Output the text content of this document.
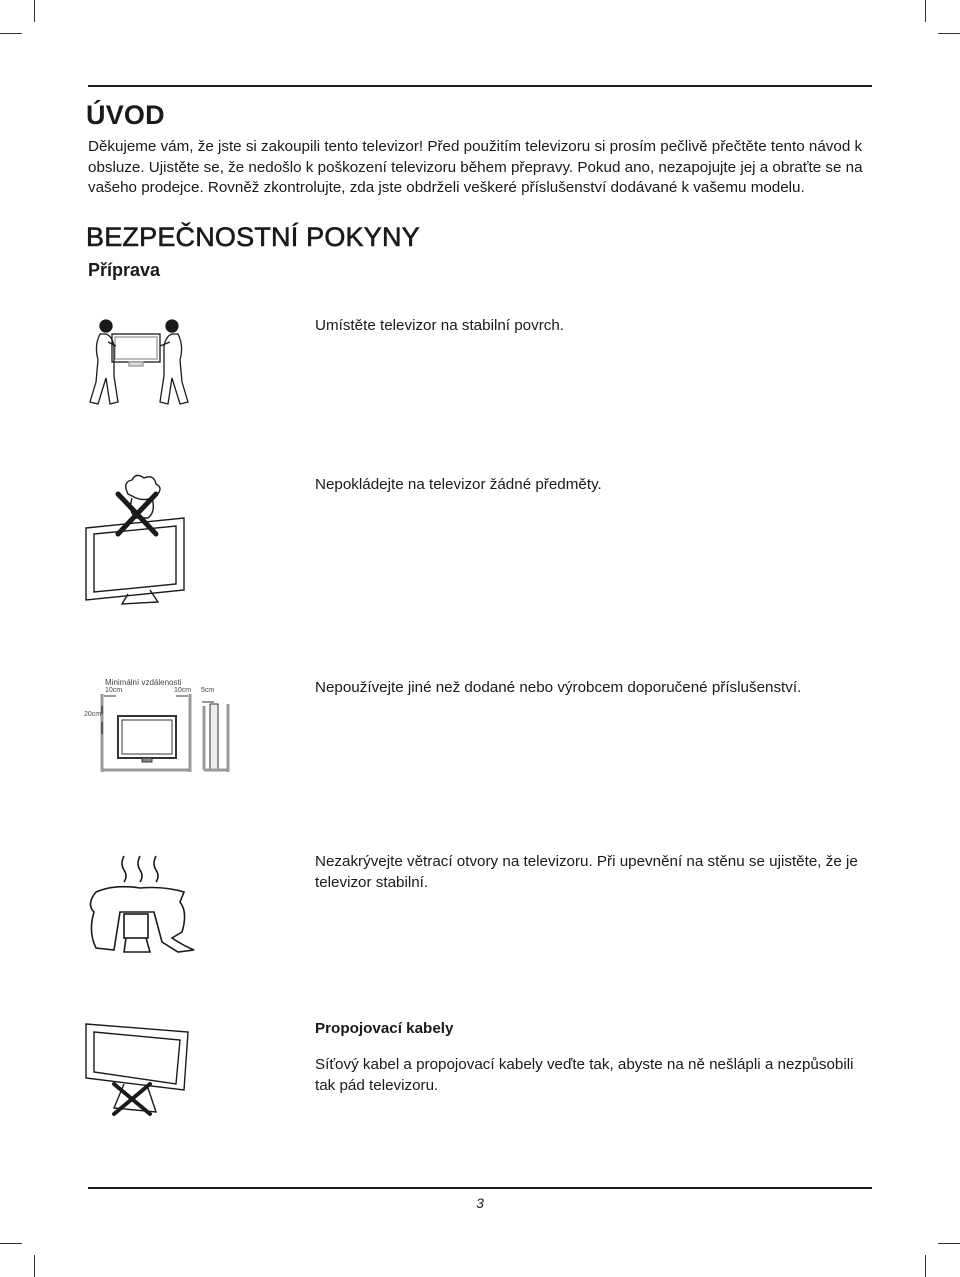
ÚVOD

Děkujeme vám, že jste si zakoupili tento televizor! Před použitím televizoru si prosím pečlivě přečtěte tento návod k obsluze. Ujistěte se, že nedošlo k poškození televizoru během přepravy. Pokud ano, nezapojujte jej a obraťte se na vašeho prodejce. Rovněž zkontrolujte, zda jste obdrželi veškeré příslušenství dodávané k vašemu modelu.

BEZPEČNOSTNÍ POKYNY
Příprava

Umístěte televizor na stabilní povrch.

Nepokládejte na televizor žádné předměty.

Nepoužívejte jiné než dodané nebo výrobcem doporučené příslušenství.

Minimální vzdálenosti
10cm	10cm 5cm
20cm

Nezakrývejte větrací otvory na televizoru. Při upevnění na stěnu se ujistěte, že je televizor stabilní.

Propojovací kabely

Síťový kabel a propojovací kabely veďte tak, abyste na ně nešlápli a nezpůsobili tak pád televizoru.

3
